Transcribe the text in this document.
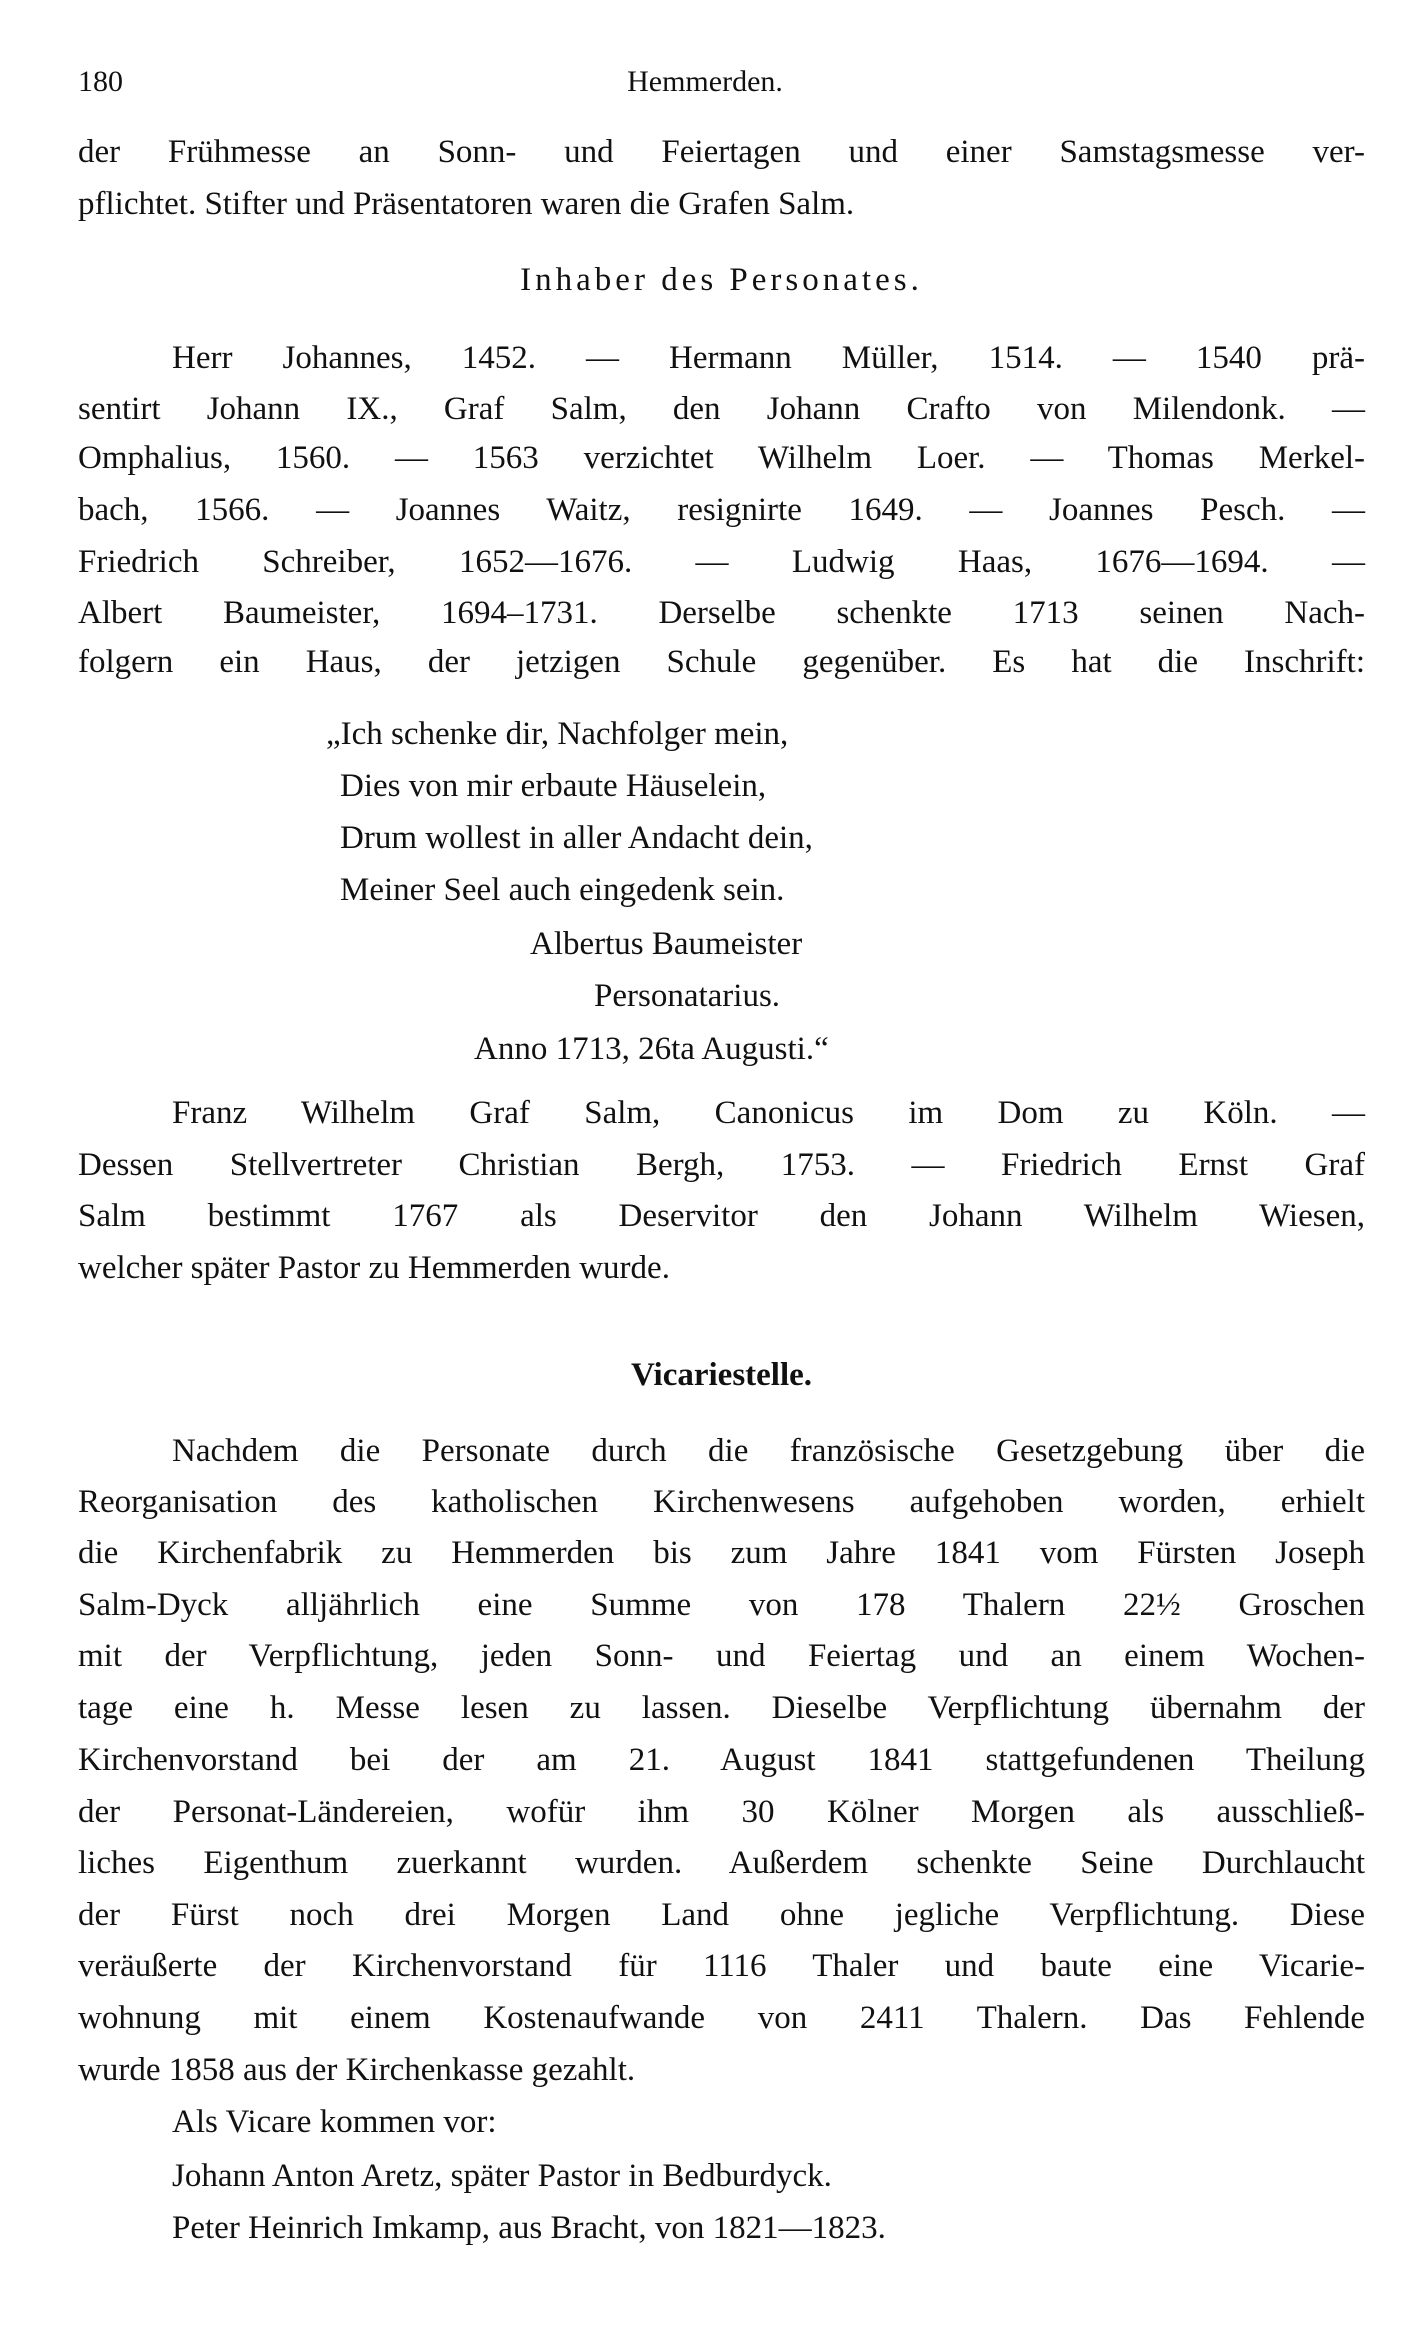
180	Hemmerden.
der Frühmesse an Sonn- und Feiertagen und einer Samstagsmesse ver-
pflichtet. Stifter und Präsentatoren waren die Grafen Salm.
Inhaber des Personates.
Herr Johannes, 1452. — Hermann Müller, 1514. — 1540 prä-
sentirt Johann IX., Graf Salm, den Johann Crafto von Milendonk. —
Omphalius, 1560. — 1563 verzichtet Wilhelm Loer. — Thomas Merkel-
bach, 1566. — Joannes Waitz, resignirte 1649. — Joannes Pesch. —
Friedrich Schreiber, 1652—1676. — Ludwig Haas, 1676—1694. —
Albert Baumeister, 1694–1731. Derselbe schenkte 1713 seinen Nach-
folgern ein Haus, der jetzigen Schule gegenüber. Es hat die Inschrift:
„Ich schenke dir, Nachfolger mein,
Dies von mir erbaute Häuselein,
Drum wollest in aller Andacht dein,
Meiner Seel auch eingedenk sein.
Albertus Baumeister
Personatarius.
Anno 1713, 26ta Augusti.“
Franz Wilhelm Graf Salm, Canonicus im Dom zu Köln. —
Dessen Stellvertreter Christian Bergh, 1753. — Friedrich Ernst Graf
Salm bestimmt 1767 als Deservitor den Johann Wilhelm Wiesen,
welcher später Pastor zu Hemmerden wurde.
Vicariestelle.
Nachdem die Personate durch die französische Gesetzgebung über die
Reorganisation des katholischen Kirchenwesens aufgehoben worden, erhielt
die Kirchenfabrik zu Hemmerden bis zum Jahre 1841 vom Fürsten Joseph
Salm-Dyck alljährlich eine Summe von 178 Thalern 22½ Groschen
mit der Verpflichtung, jeden Sonn- und Feiertag und an einem Wochen-
tage eine h. Messe lesen zu lassen. Dieselbe Verpflichtung übernahm der
Kirchenvorstand bei der am 21. August 1841 stattgefundenen Theilung
der Personat-Ländereien, wofür ihm 30 Kölner Morgen als ausschließ-
liches Eigenthum zuerkannt wurden. Außerdem schenkte Seine Durchlaucht
der Fürst noch drei Morgen Land ohne jegliche Verpflichtung. Diese
veräußerte der Kirchenvorstand für 1116 Thaler und baute eine Vicarie-
wohnung mit einem Kostenaufwande von 2411 Thalern. Das Fehlende
wurde 1858 aus der Kirchenkasse gezahlt.
Als Vicare kommen vor:
Johann Anton Aretz, später Pastor in Bedburdyck.
Peter Heinrich Imkamp, aus Bracht, von 1821—1823.
